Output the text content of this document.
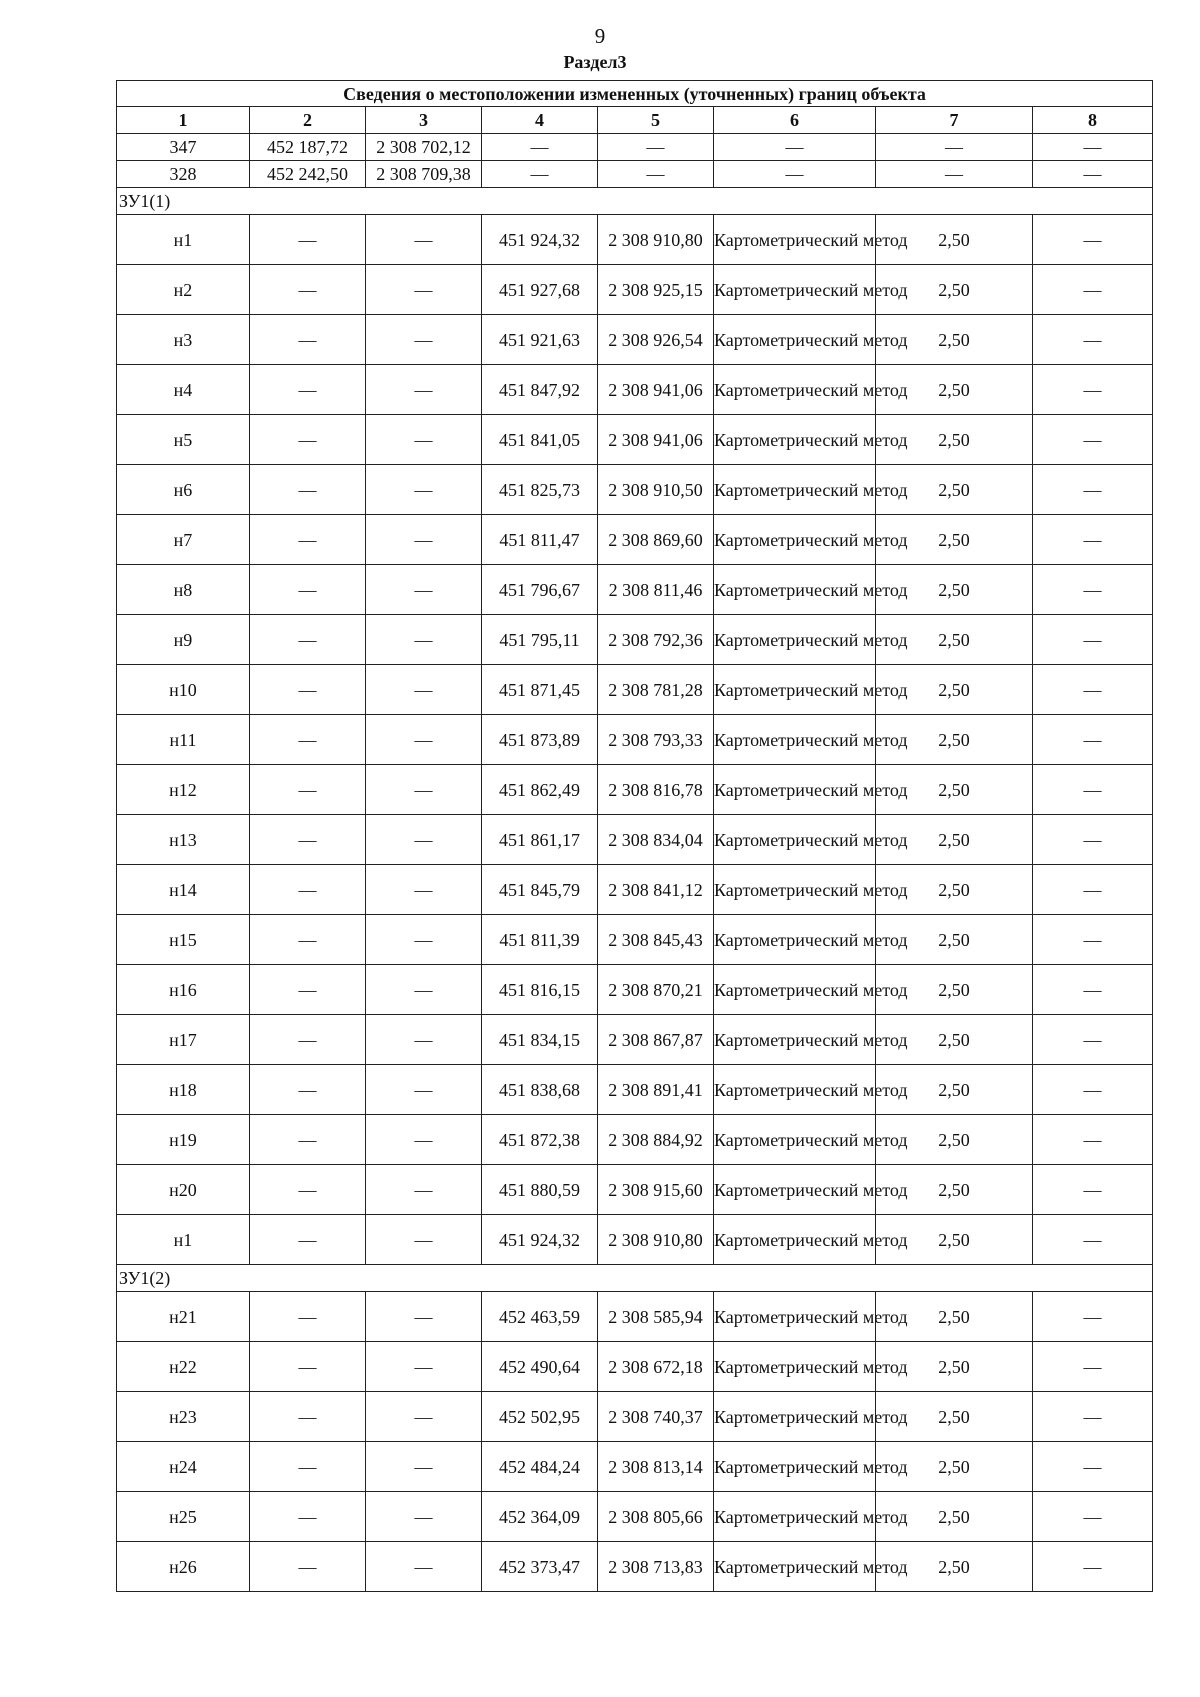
9
Раздел3
Сведения о местоположении измененных (уточненных) границ объекта							
1	2	3	4	5	6	7	8
347	452 187,72	2 308 702,12	—	—	—	—	—
328	452 242,50	2 308 709,38	—	—	—	—	—
ЗУ1(1)							
н1	—	—	451 924,32	2 308 910,80	Картометрический метод	2,50	—
н2	—	—	451 927,68	2 308 925,15	Картометрический метод	2,50	—
н3	—	—	451 921,63	2 308 926,54	Картометрический метод	2,50	—
н4	—	—	451 847,92	2 308 941,06	Картометрический метод	2,50	—
н5	—	—	451 841,05	2 308 941,06	Картометрический метод	2,50	—
н6	—	—	451 825,73	2 308 910,50	Картометрический метод	2,50	—
н7	—	—	451 811,47	2 308 869,60	Картометрический метод	2,50	—
н8	—	—	451 796,67	2 308 811,46	Картометрический метод	2,50	—
н9	—	—	451 795,11	2 308 792,36	Картометрический метод	2,50	—
н10	—	—	451 871,45	2 308 781,28	Картометрический метод	2,50	—
н11	—	—	451 873,89	2 308 793,33	Картометрический метод	2,50	—
н12	—	—	451 862,49	2 308 816,78	Картометрический метод	2,50	—
н13	—	—	451 861,17	2 308 834,04	Картометрический метод	2,50	—
н14	—	—	451 845,79	2 308 841,12	Картометрический метод	2,50	—
н15	—	—	451 811,39	2 308 845,43	Картометрический метод	2,50	—
н16	—	—	451 816,15	2 308 870,21	Картометрический метод	2,50	—
н17	—	—	451 834,15	2 308 867,87	Картометрический метод	2,50	—
н18	—	—	451 838,68	2 308 891,41	Картометрический метод	2,50	—
н19	—	—	451 872,38	2 308 884,92	Картометрический метод	2,50	—
н20	—	—	451 880,59	2 308 915,60	Картометрический метод	2,50	—
н1	—	—	451 924,32	2 308 910,80	Картометрический метод	2,50	—
ЗУ1(2)							
н21	—	—	452 463,59	2 308 585,94	Картометрический метод	2,50	—
н22	—	—	452 490,64	2 308 672,18	Картометрический метод	2,50	—
н23	—	—	452 502,95	2 308 740,37	Картометрический метод	2,50	—
н24	—	—	452 484,24	2 308 813,14	Картометрический метод	2,50	—
н25	—	—	452 364,09	2 308 805,66	Картометрический метод	2,50	—
н26	—	—	452 373,47	2 308 713,83	Картометрический метод	2,50	—
